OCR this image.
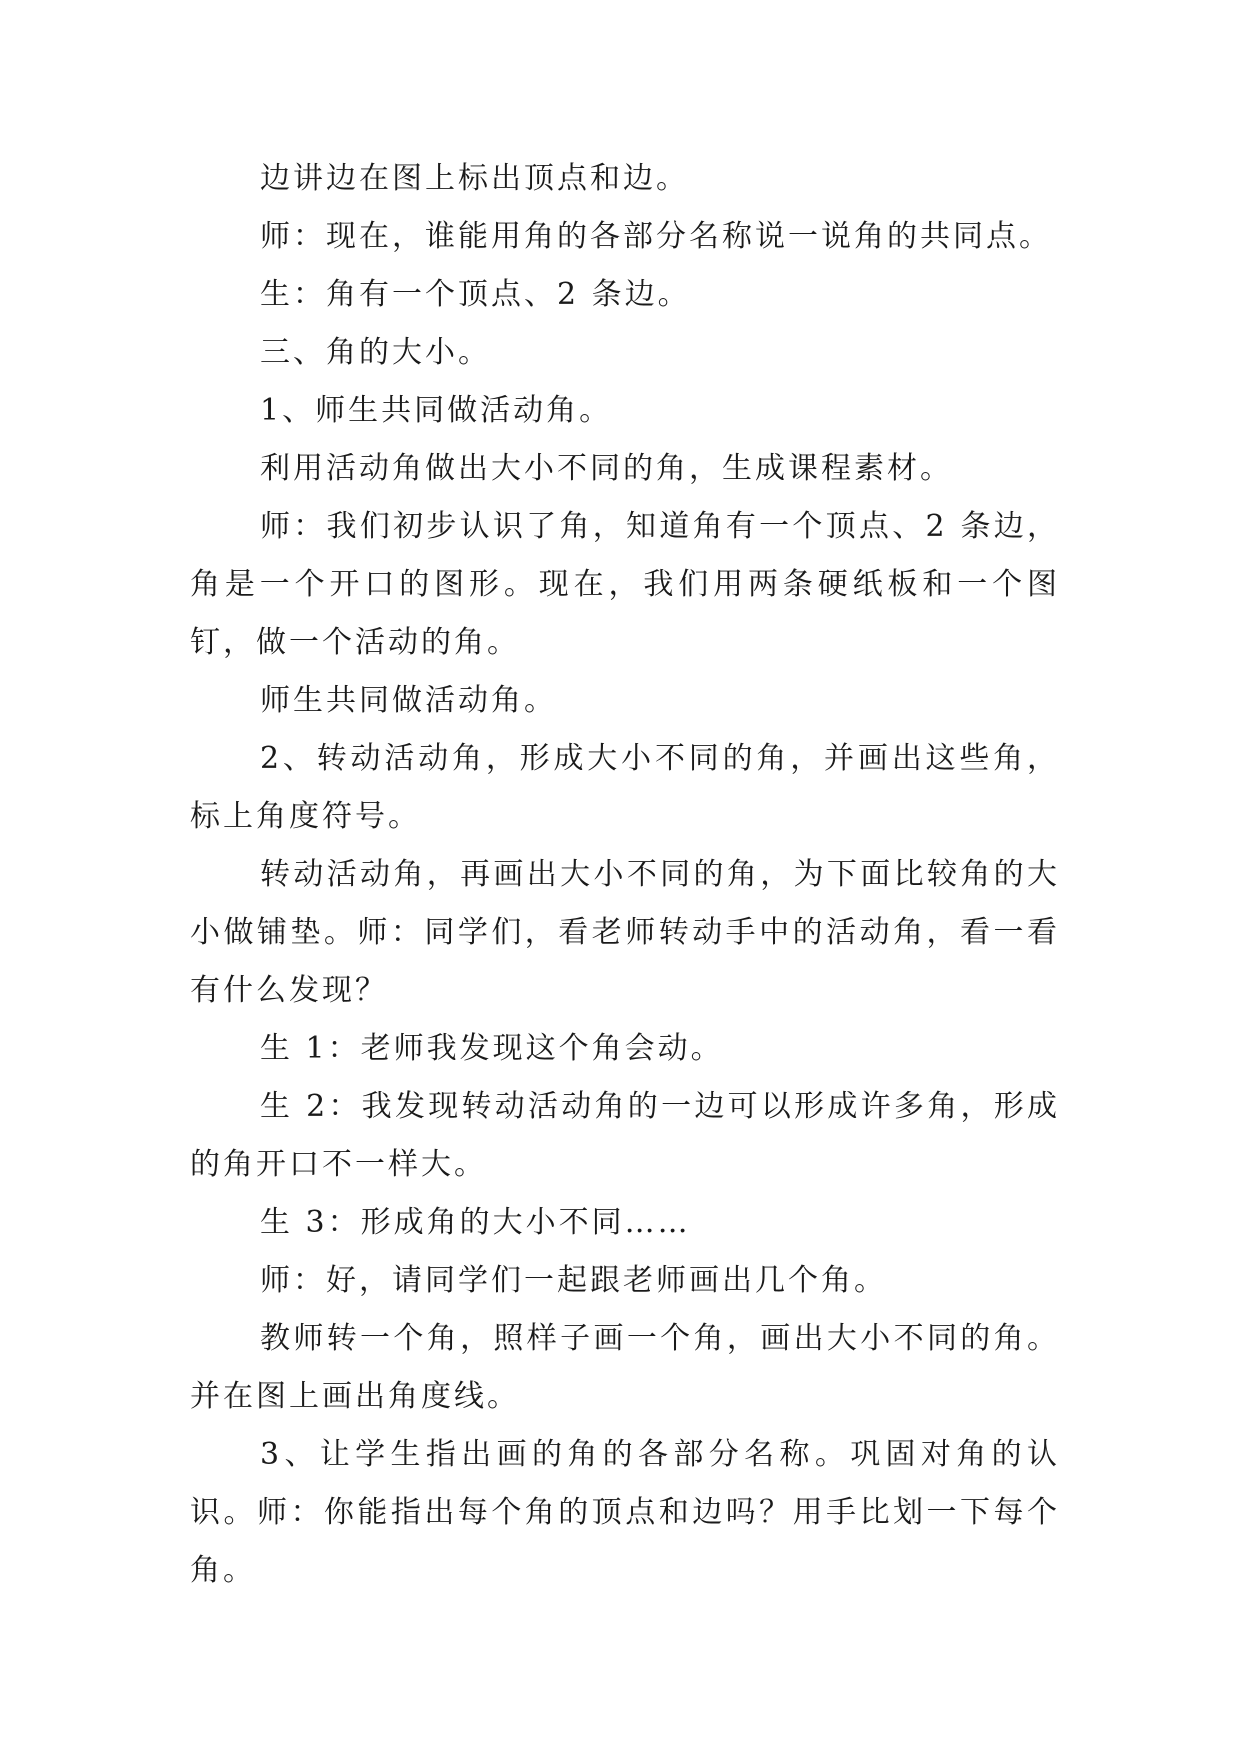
边讲边在图上标出顶点和边。

师：现在，谁能用角的各部分名称说一说角的共同点。

生：角有一个顶点、2 条边。

三、角的大小。

1、师生共同做活动角。

利用活动角做出大小不同的角，生成课程素材。

师：我们初步认识了角，知道角有一个顶点、2 条边，角是一个开口的图形。现在，我们用两条硬纸板和一个图钉，做一个活动的角。

师生共同做活动角。

2、转动活动角，形成大小不同的角，并画出这些角，标上角度符号。

转动活动角，再画出大小不同的角，为下面比较角的大小做铺垫。师：同学们，看老师转动手中的活动角，看一看有什么发现？

生 1：老师我发现这个角会动。

生 2：我发现转动活动角的一边可以形成许多角，形成的角开口不一样大。

生 3：形成角的大小不同……

师：好，请同学们一起跟老师画出几个角。

教师转一个角，照样子画一个角，画出大小不同的角。并在图上画出角度线。

3、让学生指出画的角的各部分名称。巩固对角的认识。师：你能指出每个角的顶点和边吗？用手比划一下每个角。
